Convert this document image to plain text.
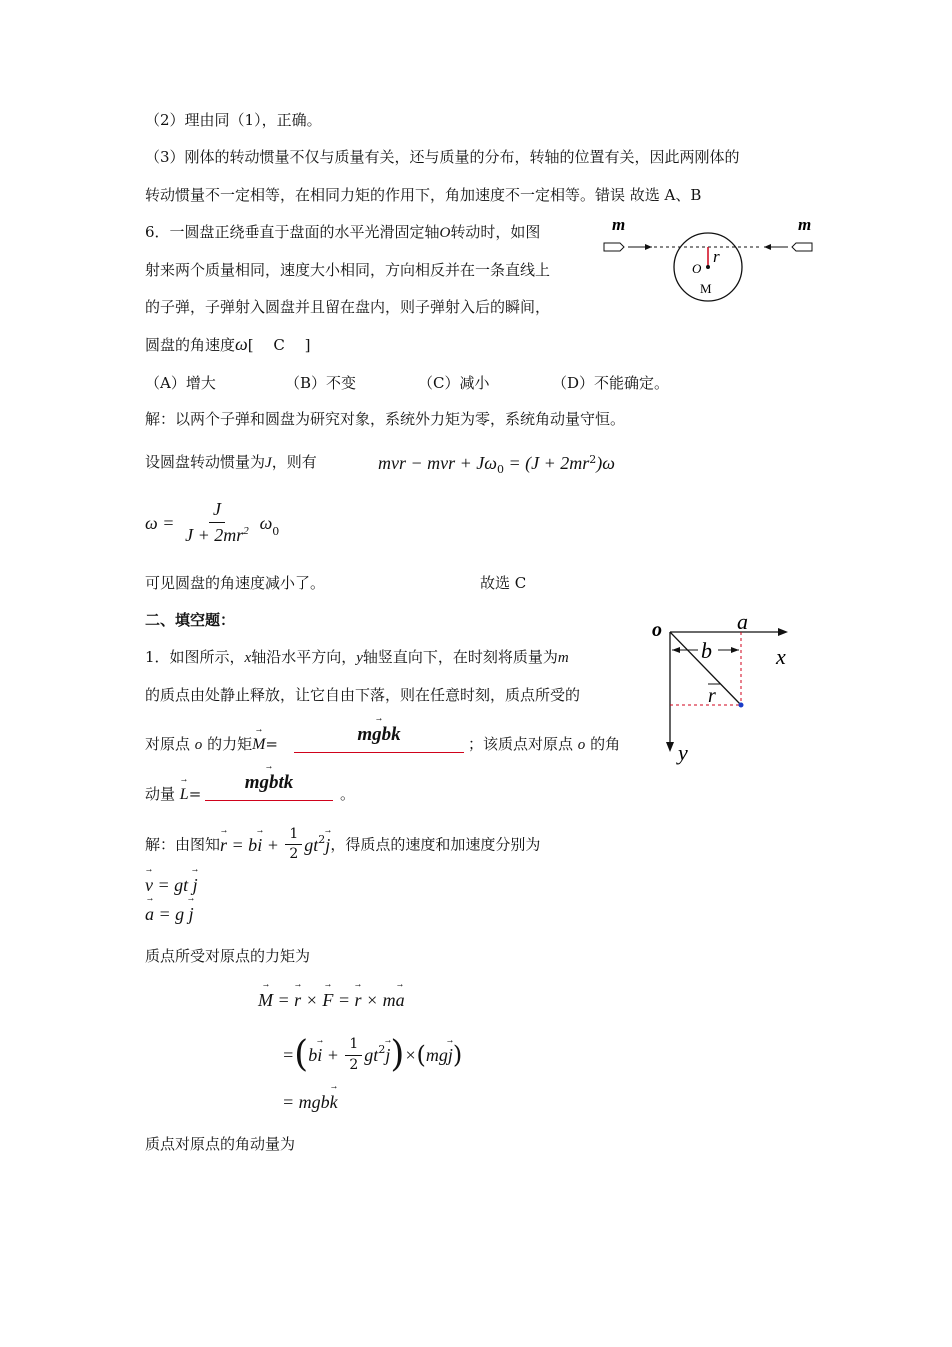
（2）理由同（1），正确。
（3）刚体的转动惯量不仅与质量有关，还与质量的分布，转轴的位置有关，因此两刚体的
转动惯量不一定相等，在相同力矩的作用下，角加速度不一定相等。错误 故选 A、B
6．一圆盘正绕垂直于盘面的水平光滑固定轴O转动时，如图
射来两个质量相同，速度大小相同，方向相反并在一条直线上
的子弹，子弹射入圆盘并且留在盘内，则子弹射入后的瞬间，
圆盘的角速度ω[　 C　 ]
（A）增大	（B）不变	（C）减小	（D）不能确定。
解：以两个子弹和圆盘为研究对象，系统外力矩为零，系统角动量守恒。
设圆盘转动惯量为J，则有	mvr − mvr + $J\omega_0 = (J + 2mr^2)\omega$
$\omega = \frac{J}{J + 2mr^2} \omega_0$
可见圆盘的角速度减小了。	故选 C
二、填空题：
1．如图所示，x轴沿水平方向，y轴竖直向下，在时刻将质量为m
的质点由处静止释放，让它自由下落，则在任意时刻，质点所受的
对原点 o 的力矩→ M=	→ mgbk	；该质点对原点 o 的角
动量 → L=
→ mgbtk
。
解：由图知→ $r = b\to i + \frac{1}{2} gt^2\to j$，得质点的速度和加速度分别为
→ v = gt → j
→ a = g → j
质点所受对原点的力矩为
→ M = → r × → F = → r × m→ a
$=(b\to i + \frac{1}{2} gt^2\to j)\times(mg\to j)$
= mgb→ k
质点对原点的角动量为
m	m
O
r
M
o
x
y
a
b
r
